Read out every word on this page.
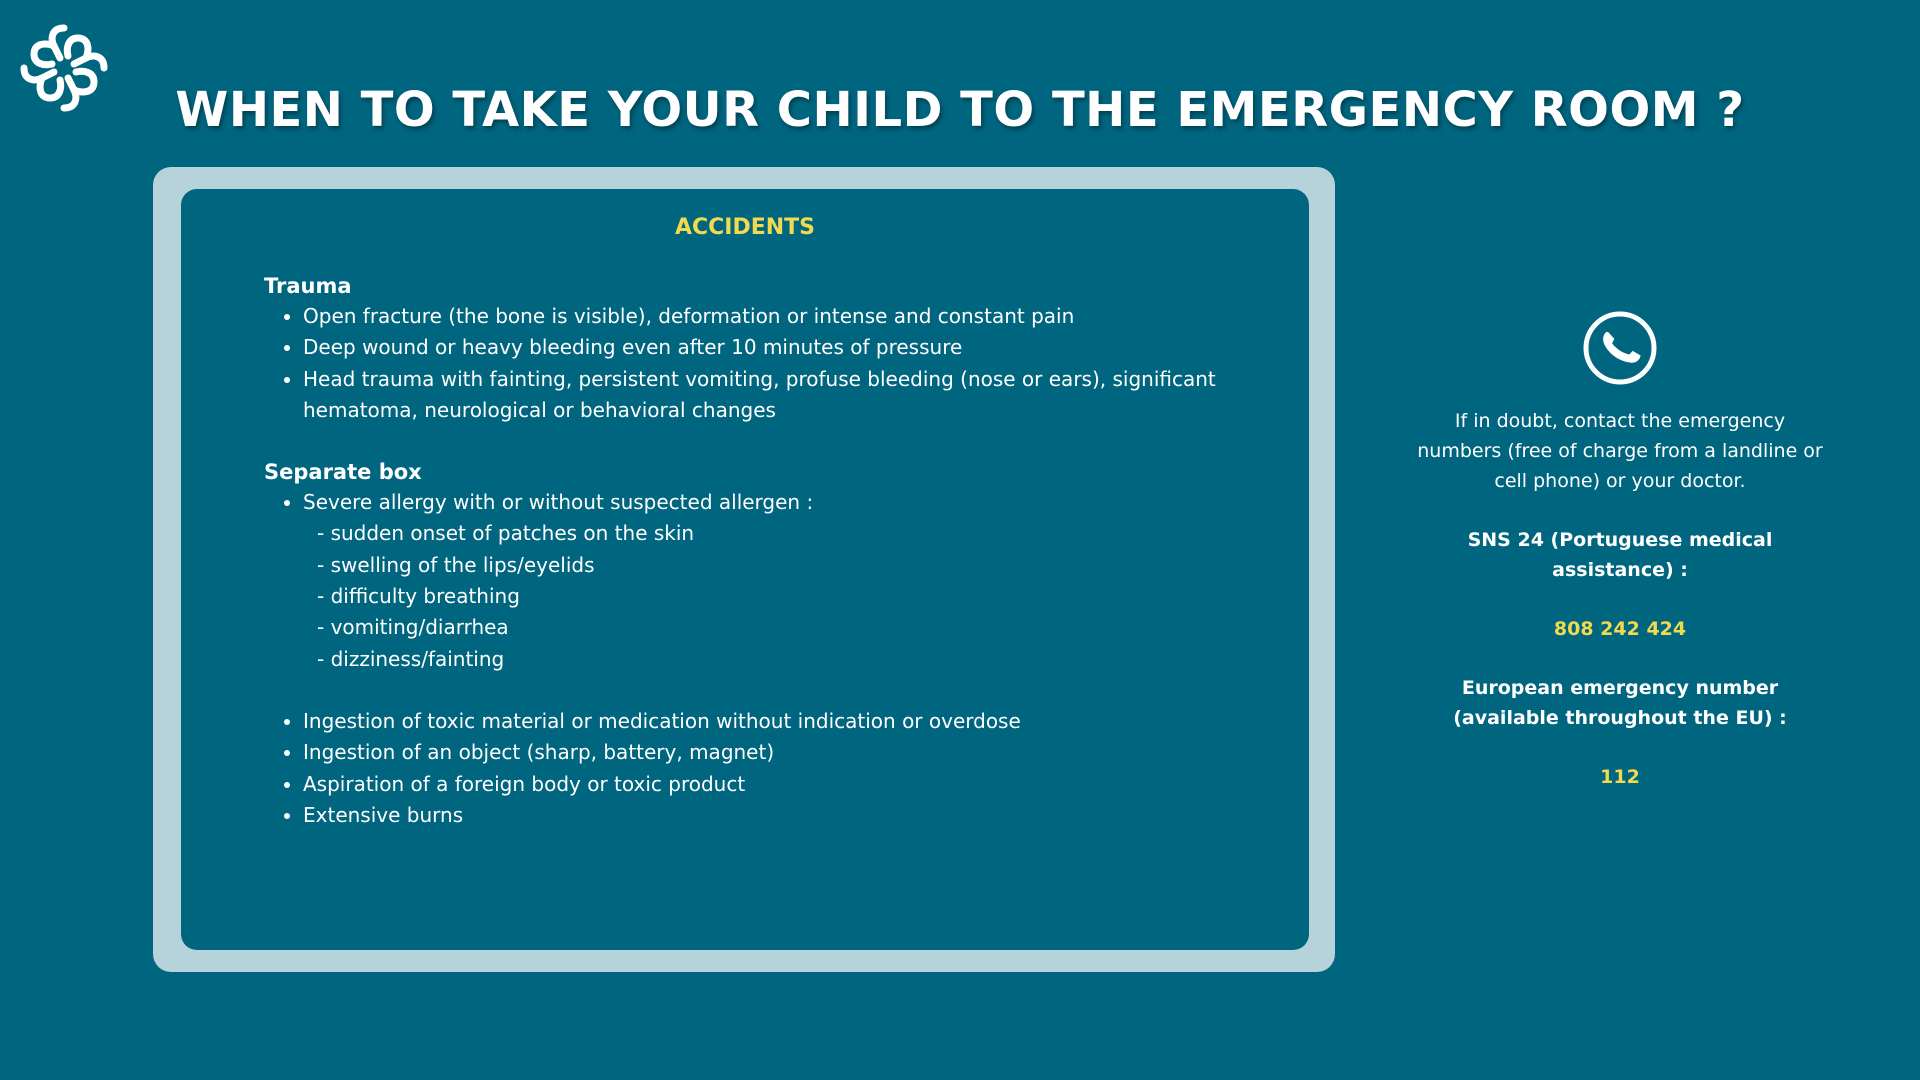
WHEN TO TAKE YOUR CHILD TO THE EMERGENCY ROOM ?
ACCIDENTS
Trauma
• Open fracture (the bone is visible), deformation or intense and constant pain
• Deep wound or heavy bleeding even after 10 minutes of pressure
• Head trauma with fainting, persistent vomiting, profuse bleeding (nose or ears), significant hematoma, neurological or behavioral changes
Separate box
• Severe allergy with or without suspected allergen :
- sudden onset of patches on the skin
- swelling of the lips/eyelids
- difficulty breathing
- vomiting/diarrhea
- dizziness/fainting
• Ingestion of toxic material or medication without indication or overdose
• Ingestion of an object (sharp, battery, magnet)
• Aspiration of a foreign body or toxic product
• Extensive burns
If in doubt, contact the emergency numbers (free of charge from a landline or cell phone) or your doctor.
SNS 24 (Portuguese medical assistance) :
808 242 424
European emergency number (available throughout the EU) :
112
